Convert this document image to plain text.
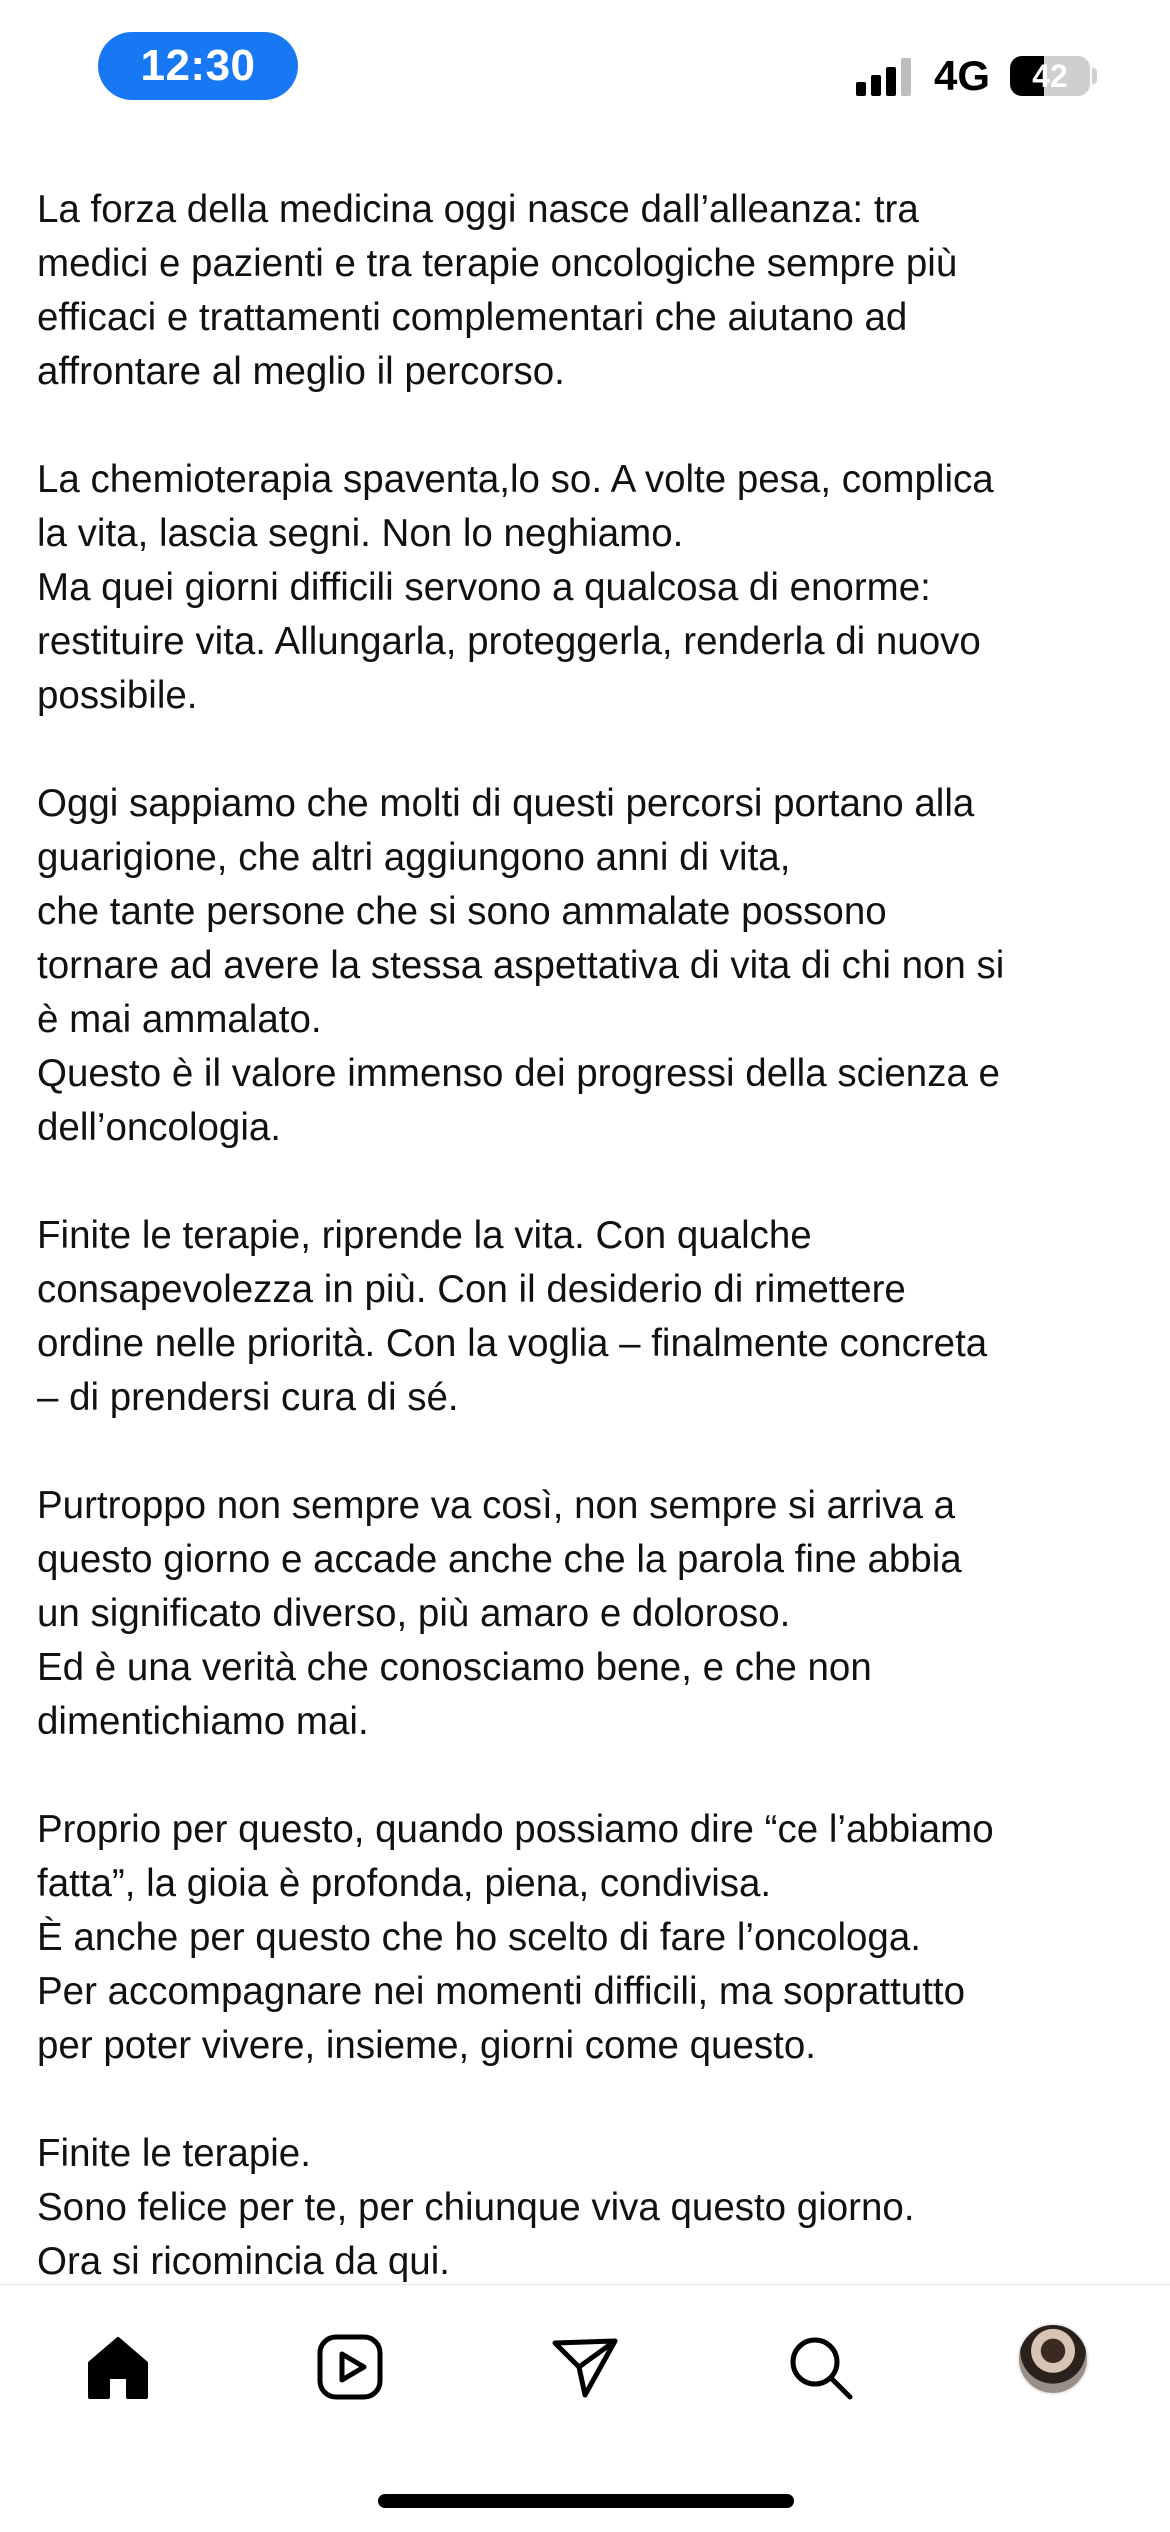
12:30	4G	42
La forza della medicina oggi nasce dall’alleanza: tra
medici e pazienti e tra terapie oncologiche sempre più
efficaci e trattamenti complementari che aiutano ad
affrontare al meglio il percorso.
La chemioterapia spaventa,lo so. A volte pesa, complica
la vita, lascia segni. Non lo neghiamo.
Ma quei giorni difficili servono a qualcosa di enorme:
restituire vita. Allungarla, proteggerla, renderla di nuovo
possibile.
Oggi sappiamo che molti di questi percorsi portano alla
guarigione, che altri aggiungono anni di vita,
che tante persone che si sono ammalate possono
tornare ad avere la stessa aspettativa di vita di chi non si
è mai ammalato.
Questo è il valore immenso dei progressi della scienza e
dell’oncologia.
Finite le terapie, riprende la vita. Con qualche
consapevolezza in più. Con il desiderio di rimettere
ordine nelle priorità. Con la voglia – finalmente concreta
– di prendersi cura di sé.
Purtroppo non sempre va così, non sempre si arriva a
questo giorno e accade anche che la parola fine abbia
un significato diverso, più amaro e doloroso.
Ed è una verità che conosciamo bene, e che non
dimentichiamo mai.
Proprio per questo, quando possiamo dire “ce l’abbiamo
fatta”, la gioia è profonda, piena, condivisa.
È anche per questo che ho scelto di fare l’oncologa.
Per accompagnare nei momenti difficili, ma soprattutto
per poter vivere, insieme, giorni come questo.
Finite le terapie.
Sono felice per te, per chiunque viva questo giorno.
Ora si ricomincia da qui.
